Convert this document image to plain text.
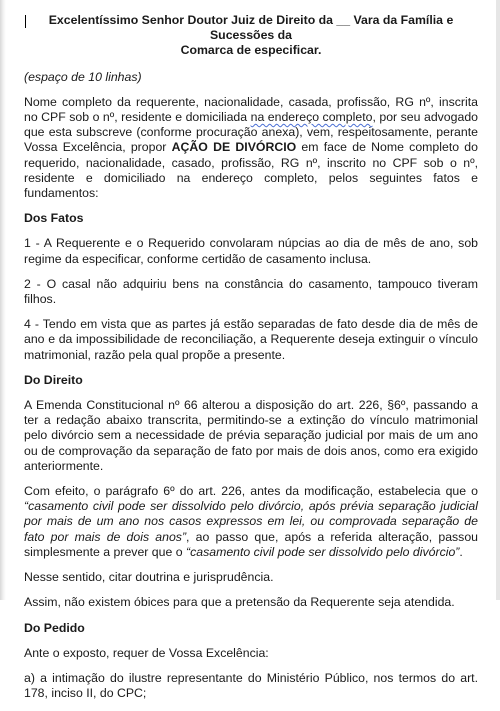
Excelentíssimo Senhor Doutor Juiz de Direito da __ Vara da Família e Sucessões da
Comarca de especificar.

(espaço de 10 linhas)

Nome completo da requerente, nacionalidade, casada, profissão, RG nº, inscrita no CPF sob o nº, residente e domiciliada na endereço completo, por seu advogado que esta subscreve (conforme procuração anexa), vem, respeitosamente, perante Vossa Excelência, propor AÇÃO DE DIVÓRCIO em face de Nome completo do requerido, nacionalidade, casado, profissão, RG nº, inscrito no CPF sob o nº, residente e domiciliado na endereço completo, pelos seguintes fatos e fundamentos:

Dos Fatos

1 - A Requerente e o Requerido convolaram núpcias ao dia de mês de ano, sob regime da especificar, conforme certidão de casamento inclusa.

2 - O casal não adquiriu bens na constância do casamento, tampouco tiveram filhos.

4 - Tendo em vista que as partes já estão separadas de fato desde dia de mês de ano e da impossibilidade de reconciliação, a Requerente deseja extinguir o vínculo matrimonial, razão pela qual propõe a presente.

Do Direito

A Emenda Constitucional nº 66 alterou a disposição do art. 226, §6º, passando a ter a redação abaixo transcrita, permitindo-se a extinção do vínculo matrimonial pelo divórcio sem a necessidade de prévia separação judicial por mais de um ano ou de comprovação da separação de fato por mais de dois anos, como era exigido anteriormente.

Com efeito, o parágrafo 6º do art. 226, antes da modificação, estabelecia que o “casamento civil pode ser dissolvido pelo divórcio, após prévia separação judicial por mais de um ano nos casos expressos em lei, ou comprovada separação de fato por mais de dois anos”, ao passo que, após a referida alteração, passou simplesmente a prever que o “casamento civil pode ser dissolvido pelo divórcio”.

Nesse sentido, citar doutrina e jurisprudência.

Assim, não existem óbices para que a pretensão da Requerente seja atendida.

Do Pedido

Ante o exposto, requer de Vossa Excelência:

a) a intimação do ilustre representante do Ministério Público, nos termos do art. 178, inciso II, do CPC;
